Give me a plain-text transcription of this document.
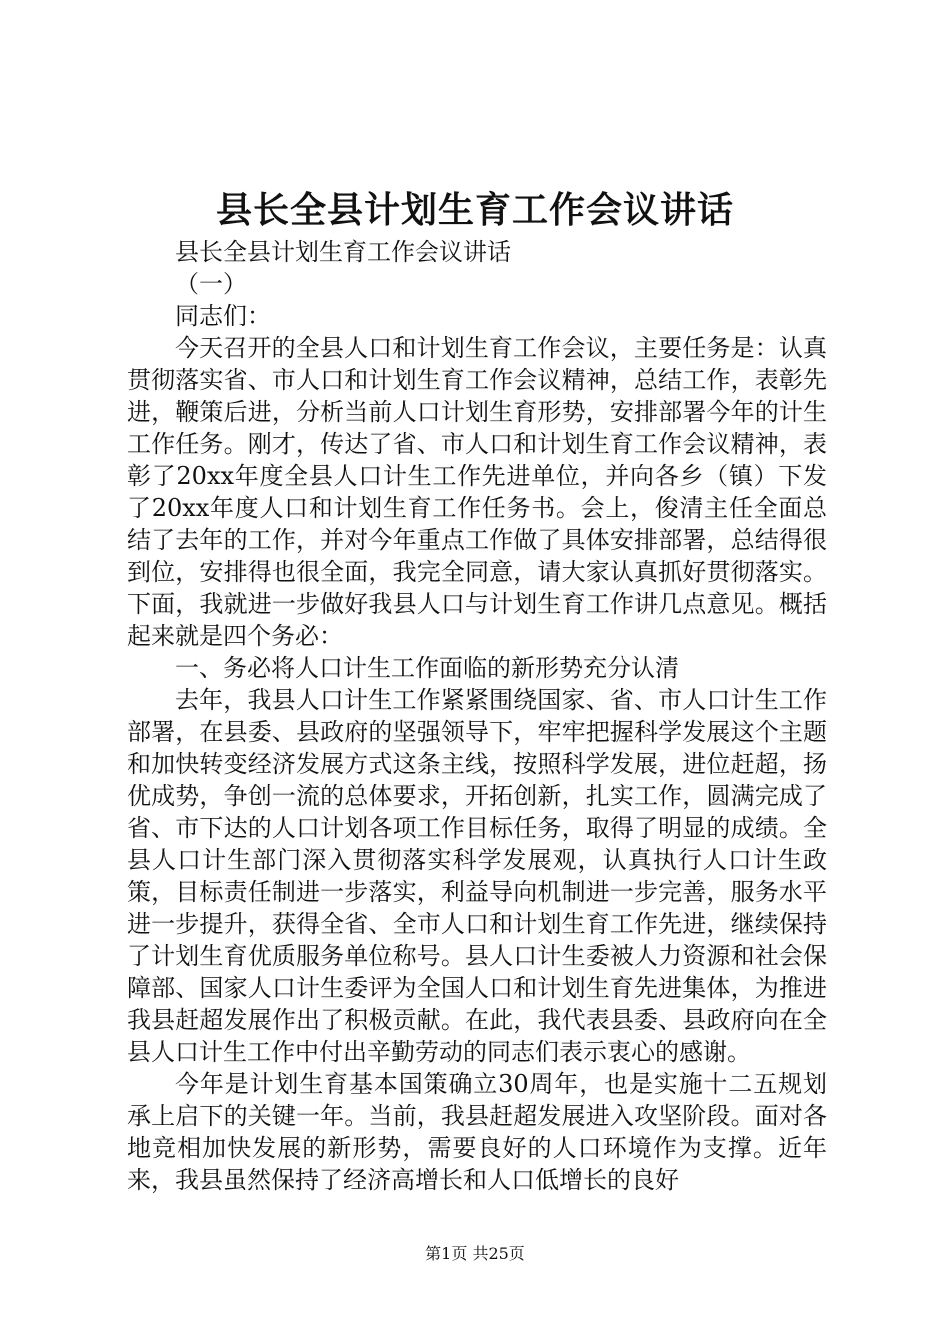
县长全县计划生育工作会议讲话

县长全县计划生育工作会议讲话

（一）

同志们：

今天召开的全县人口和计划生育工作会议，主要任务是：认真贯彻落实省、市人口和计划生育工作会议精神，总结工作，表彰先进，鞭策后进，分析当前人口计划生育形势，安排部署今年的计生工作任务。刚才，传达了省、市人口和计划生育工作会议精神，表彰了20xx年度全县人口计生工作先进单位，并向各乡（镇）下发了20xx年度人口和计划生育工作任务书。会上，俊清主任全面总结了去年的工作，并对今年重点工作做了具体安排部署，总结得很到位，安排得也很全面，我完全同意，请大家认真抓好贯彻落实。下面，我就进一步做好我县人口与计划生育工作讲几点意见。概括起来就是四个务必：

一、务必将人口计生工作面临的新形势充分认清

去年，我县人口计生工作紧紧围绕国家、省、市人口计生工作部署，在县委、县政府的坚强领导下，牢牢把握科学发展这个主题和加快转变经济发展方式这条主线，按照科学发展，进位赶超，扬优成势，争创一流的总体要求，开拓创新，扎实工作，圆满完成了省、市下达的人口计划各项工作目标任务，取得了明显的成绩。全县人口计生部门深入贯彻落实科学发展观，认真执行人口计生政策，目标责任制进一步落实，利益导向机制进一步完善，服务水平进一步提升，获得全省、全市人口和计划生育工作先进，继续保持了计划生育优质服务单位称号。县人口计生委被人力资源和社会保障部、国家人口计生委评为全国人口和计划生育先进集体，为推进我县赶超发展作出了积极贡献。在此，我代表县委、县政府向在全县人口计生工作中付出辛勤劳动的同志们表示衷心的感谢。

今年是计划生育基本国策确立30周年，也是实施十二五规划承上启下的关键一年。当前，我县赶超发展进入攻坚阶段。面对各地竞相加快发展的新形势，需要良好的人口环境作为支撑。近年来，我县虽然保持了经济高增长和人口低增长的良好

第1页 共25页
